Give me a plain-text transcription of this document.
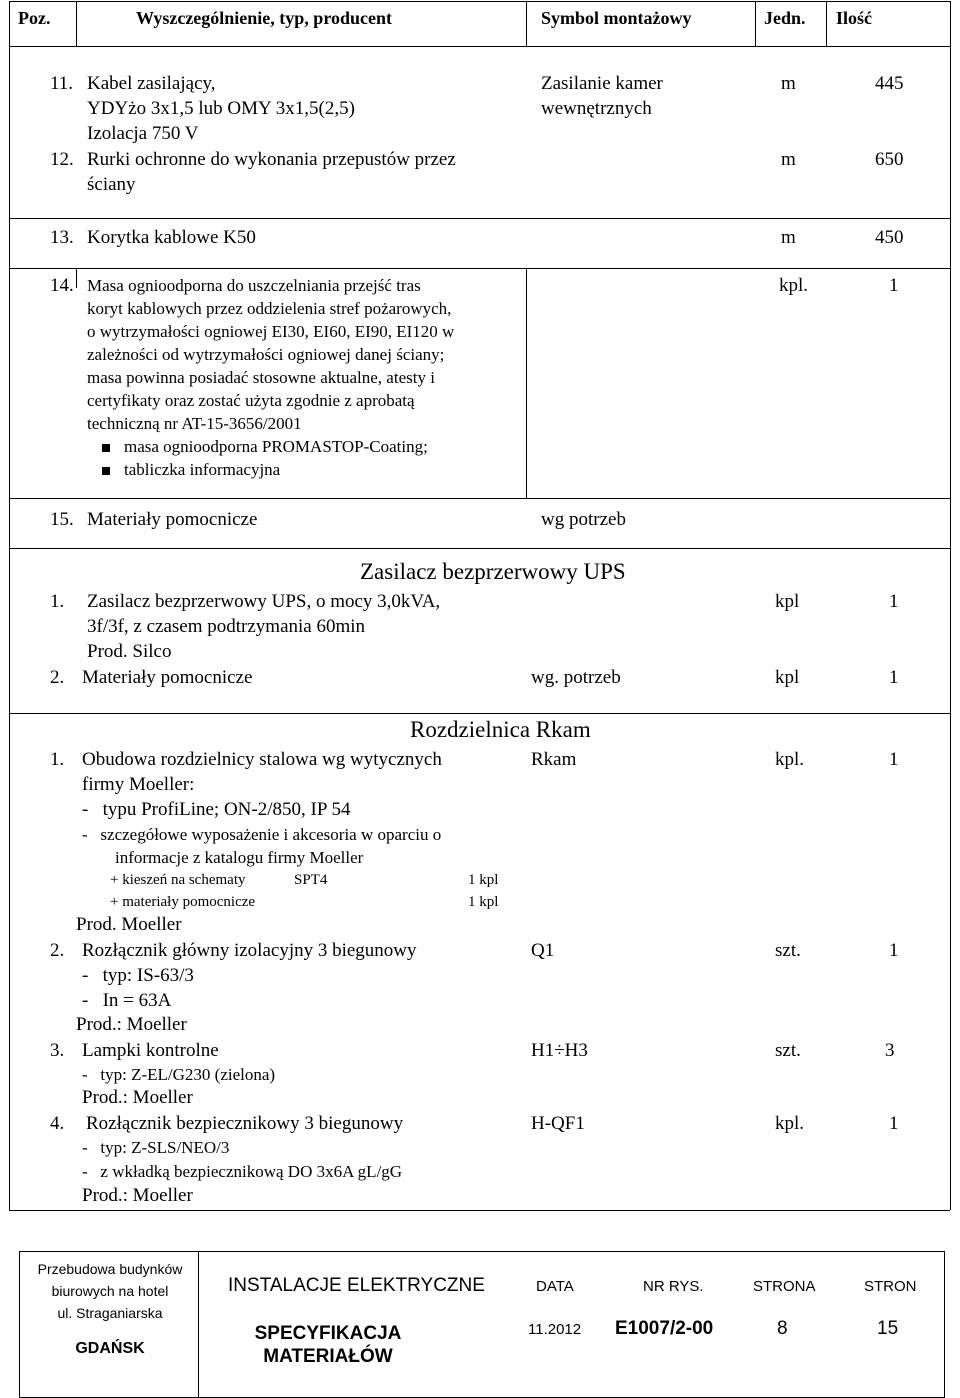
Poz.	Wyszczególnienie, typ, producent	Symbol montażowy	Jedn. Ilość
11. Kabel zasilający,
YDYżo 3x1,5 lub OMY 3x1,5(2,5)
Izolacja 750 V
Zasilanie kamer
wewnętrznych
m	445
12. Rurki ochronne do wykonania przepustów przez
ściany
m	650
13. Korytka kablowe K50	m	450
14. Masa ognioodporna do uszczelniania przejść tras
koryt kablowych przez oddzielenia stref pożarowych,
o wytrzymałości ogniowej EI30, EI60, EI90, EI120 w
zależności od wytrzymałości ogniowej danej ściany;
masa powinna posiadać stosowne aktualne, atesty i
certyfikaty oraz zostać użyta zgodnie z aprobatą
techniczną nr AT-15-3656/2001
masa ognioodporna PROMASTOP-Coating;
tabliczka informacyjna
kpl.	1
15. Materiały pomocnicze	wg potrzeb
Zasilacz bezprzerwowy UPS
1. Zasilacz bezprzerwowy UPS, o mocy 3,0kVA,
3f/3f, z czasem podtrzymania 60min
Prod. Silco
kpl	1
2. Materiały pomocnicze	wg. potrzeb	kpl	1
Rozdzielnica Rkam
1. Obudowa rozdzielnicy stalowa wg wytycznych
firmy Moeller:
-   typu ProfiLine; ON-2/850, IP 54
-   szczegółowe wyposażenie i akcesoria w oparciu o
informacje z katalogu firmy Moeller
+ kieszeń na schematy	SPT4	1 kpl
+ materiały pomocnicze	1 kpl
Prod. Moeller
Rkam	kpl.	1
2. Rozłącznik główny izolacyjny 3 biegunowy
-   typ: IS-63/3
-   In = 63A
Prod.: Moeller
Q1	szt.	1
3. Lampki kontrolne
-   typ: Z-EL/G230 (zielona)
Prod.: Moeller
H1÷H3	szt.	3
4. Rozłącznik bezpiecznikowy 3 biegunowy
-   typ: Z-SLS/NEO/3
-   z wkładką bezpiecznikową DO 3x6A gL/gG
Prod.: Moeller
H-QF1	kpl.	1
Przebudowa budynków
biurowych na hotel
ul. Straganiarska
GDAŃSK
INSTALACJE ELEKTRYCZNE
SPECYFIKACJA
MATERIAŁÓW
DATA
11.2012
NR RYS.
E1007/2-00
STRONA
8
STRON
15
